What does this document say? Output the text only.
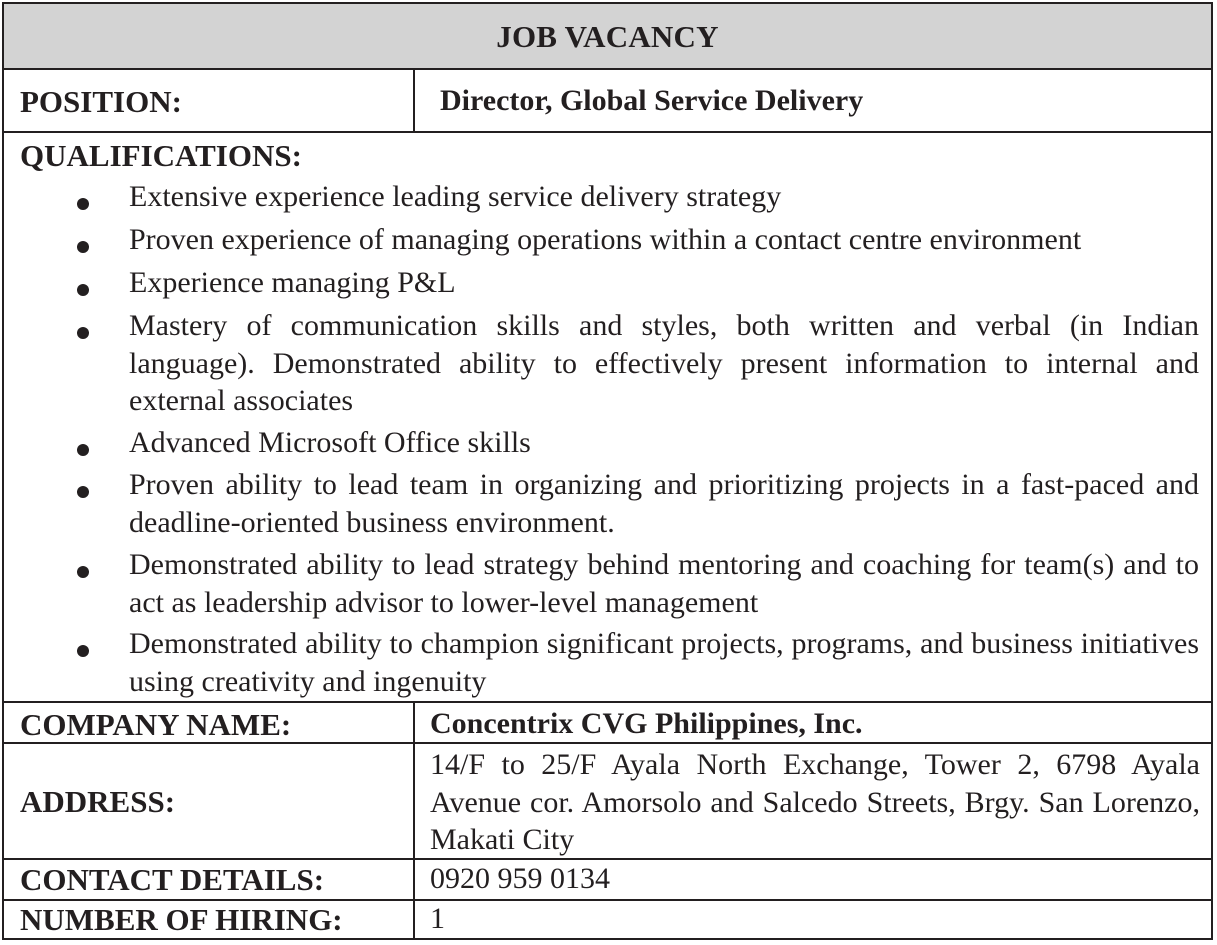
JOB VACANCY
POSITION:	Director, Global Service Delivery
QUALIFICATIONS:
Extensive experience leading service delivery strategy
Proven experience of managing operations within a contact centre environment
Experience managing P&L
Mastery of communication skills and styles, both written and verbal (in Indian language). Demonstrated ability to effectively present information to internal and external associates
Advanced Microsoft Office skills
Proven ability to lead team in organizing and prioritizing projects in a fast-paced and deadline-oriented business environment.
Demonstrated ability to lead strategy behind mentoring and coaching for team(s) and to act as leadership advisor to lower-level management
Demonstrated ability to champion significant projects, programs, and business initiatives using creativity and ingenuity
COMPANY NAME:	Concentrix CVG Philippines, Inc.
ADDRESS:
14/F to 25/F Ayala North Exchange, Tower 2, 6798 Ayala Avenue cor. Amorsolo and Salcedo Streets, Brgy. San Lorenzo, Makati City
CONTACT DETAILS:	0920 959 0134
NUMBER OF HIRING:	1
